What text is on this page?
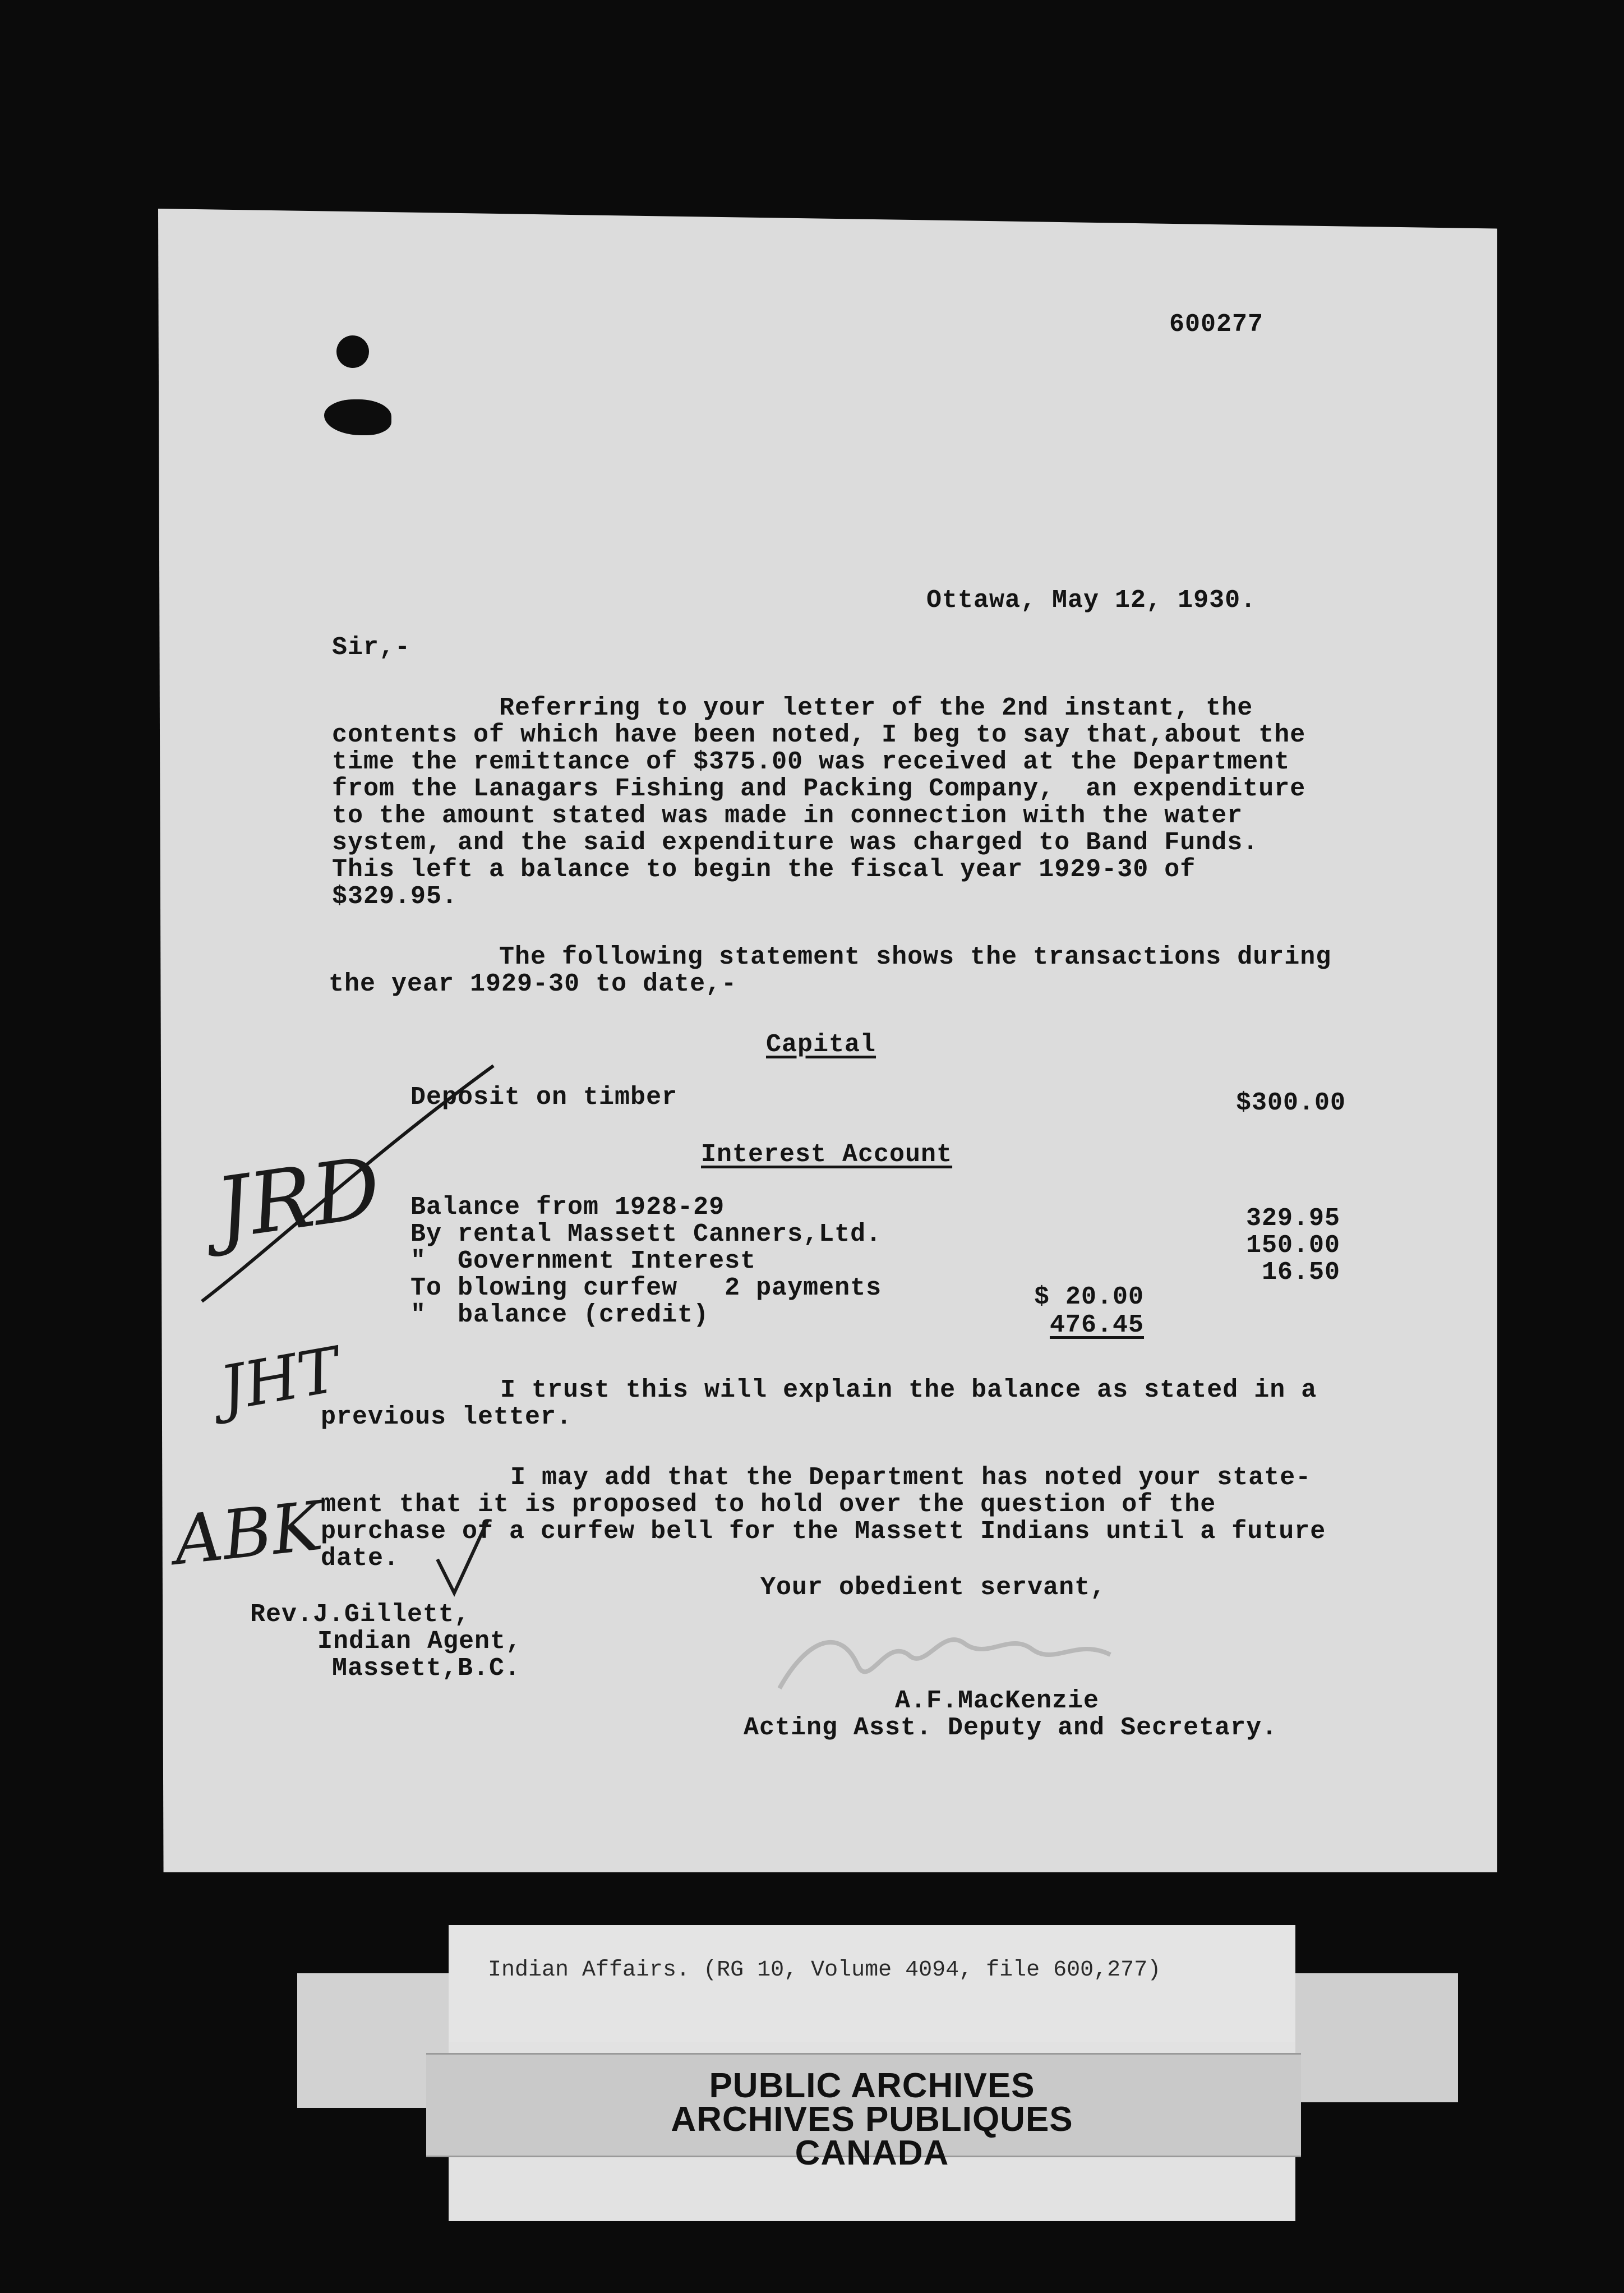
600277
Ottawa, May 12, 1930.
Sir,-
Referring to your letter of the 2nd instant, the
contents of which have been noted, I beg to say that,about the
time the remittance of $375.00 was received at the Department
from the Lanagars Fishing and Packing Company,  an expenditure
to the amount stated was made in connection with the water
system, and the said expenditure was charged to Band Funds.
This left a balance to begin the fiscal year 1929-30 of
$329.95.
The following statement shows the transactions during
the year 1929-30 to date,-
Capital
Deposit on timber	$300.00
Interest Account
Balance from 1928-29	329.95
By rental Massett Canners,Ltd.	150.00
"  Government Interest	16.50
To blowing curfew   2 payments	$ 20.00
"  balance (credit)	476.45
I trust this will explain the balance as stated in a
previous letter.
I may add that the Department has noted your state-
ment that it is proposed to hold over the question of the
purchase of a curfew bell for the Massett Indians until a future
date.
Your obedient servant,
Rev.J.Gillett,
Indian Agent,
Massett,B.C.
A.F.MacKenzie
Acting Asst. Deputy and Secretary.
JRD
JHT
ABK
Indian Affairs. (RG 10, Volume 4094, file 600,277)
PUBLIC ARCHIVES
ARCHIVES PUBLIQUES
CANADA
